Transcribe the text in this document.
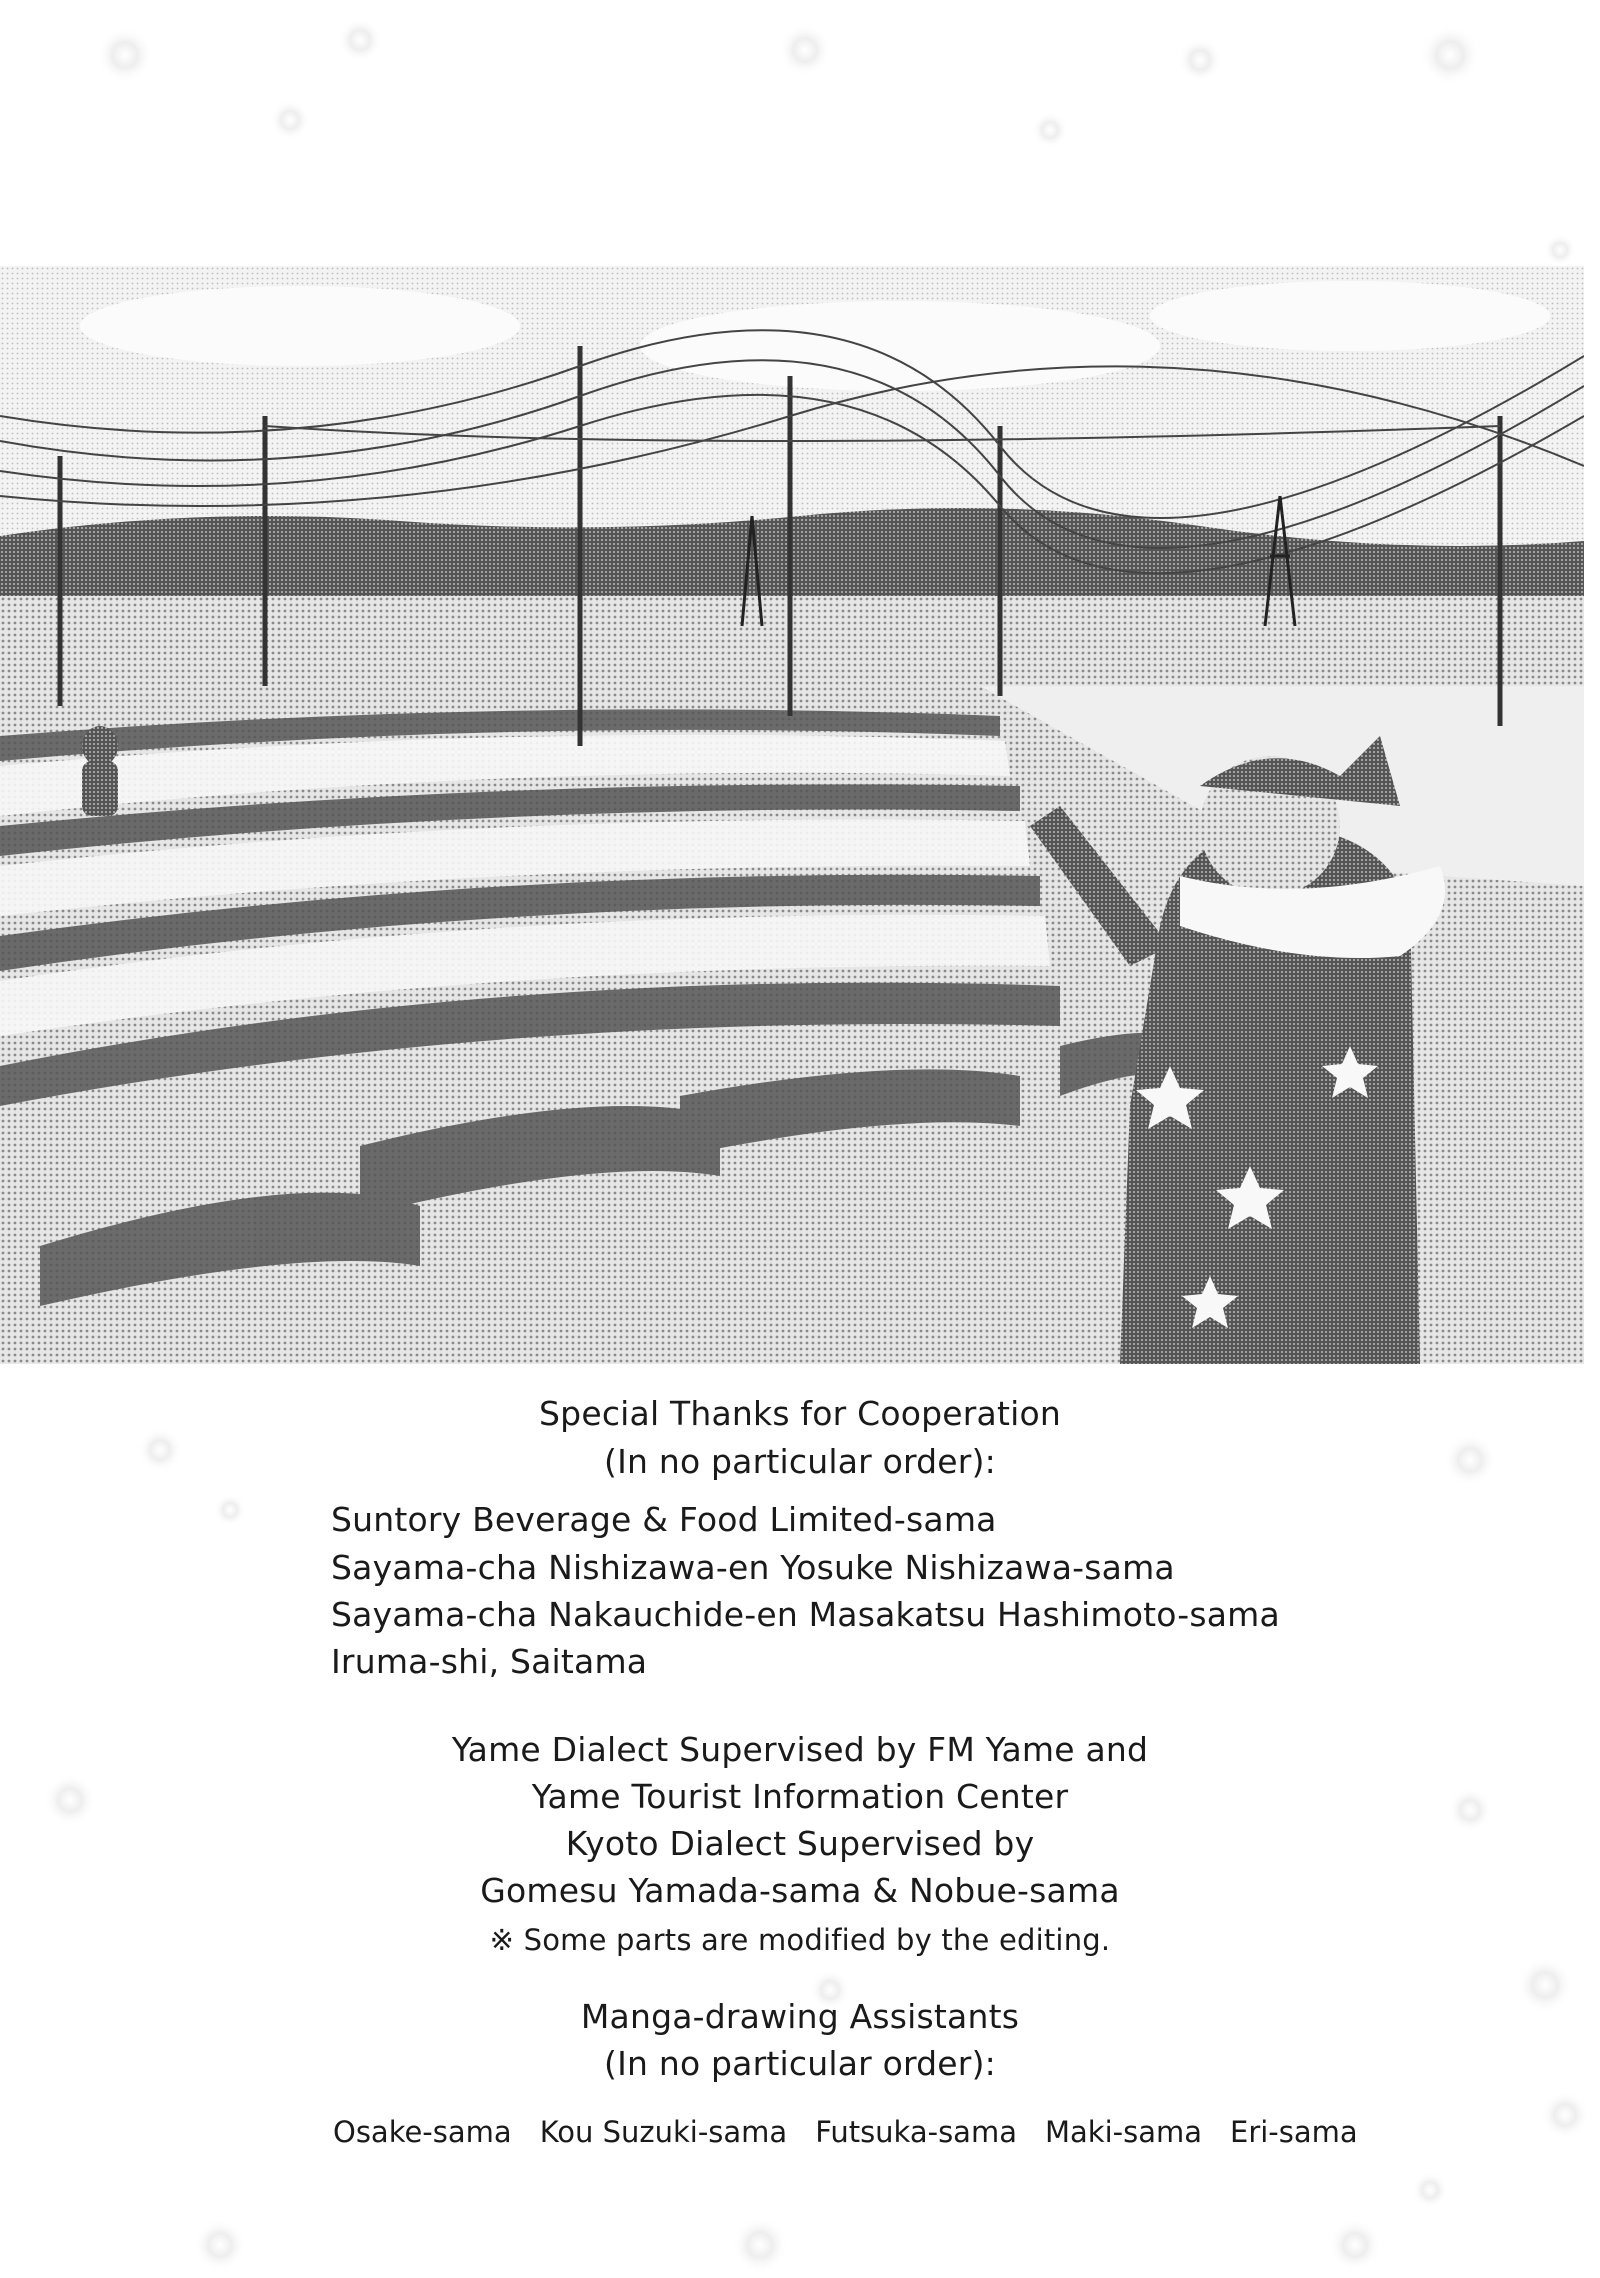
Special Thanks for Cooperation
(In no particular order):
Suntory Beverage & Food Limited-sama
Sayama-cha Nishizawa-en Yosuke Nishizawa-sama
Sayama-cha Nakauchide-en Masakatsu Hashimoto-sama
Iruma-shi, Saitama
Yame Dialect Supervised by FM Yame and
Yame Tourist Information Center
Kyoto Dialect Supervised by
Gomesu Yamada-sama & Nobue-sama
※ Some parts are modified by the editing.
Manga-drawing Assistants
(In no particular order):
Osake-sama Kou Suzuki-sama Futsuka-sama Maki-sama Eri-sama
